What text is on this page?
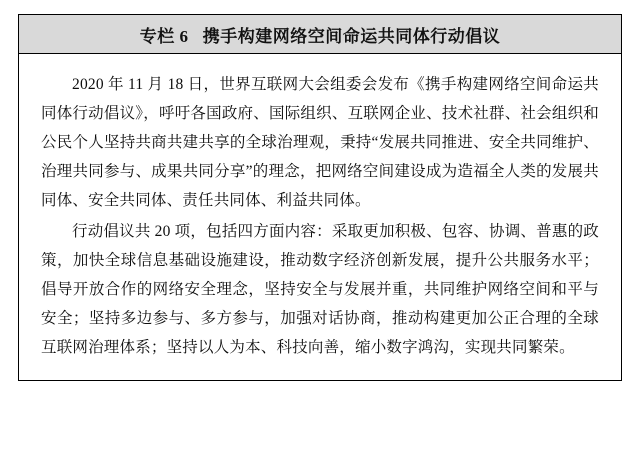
专栏 6   携手构建网络空间命运共同体行动倡议

2020 年 11 月 18 日，世界互联网大会组委会发布《携手构建网络空间命运共同体行动倡议》，呼吁各国政府、国际组织、互联网企业、技术社群、社会组织和公民个人坚持共商共建共享的全球治理观，秉持“发展共同推进、安全共同维护、治理共同参与、成果共同分享”的理念，把网络空间建设成为造福全人类的发展共同体、安全共同体、责任共同体、利益共同体。

行动倡议共 20 项，包括四方面内容：采取更加积极、包容、协调、普惠的政策，加快全球信息基础设施建设，推动数字经济创新发展，提升公共服务水平；倡导开放合作的网络安全理念，坚持安全与发展并重，共同维护网络空间和平与安全；坚持多边参与、多方参与，加强对话协商，推动构建更加公正合理的全球互联网治理体系；坚持以人为本、科技向善，缩小数字鸿沟，实现共同繁荣。
